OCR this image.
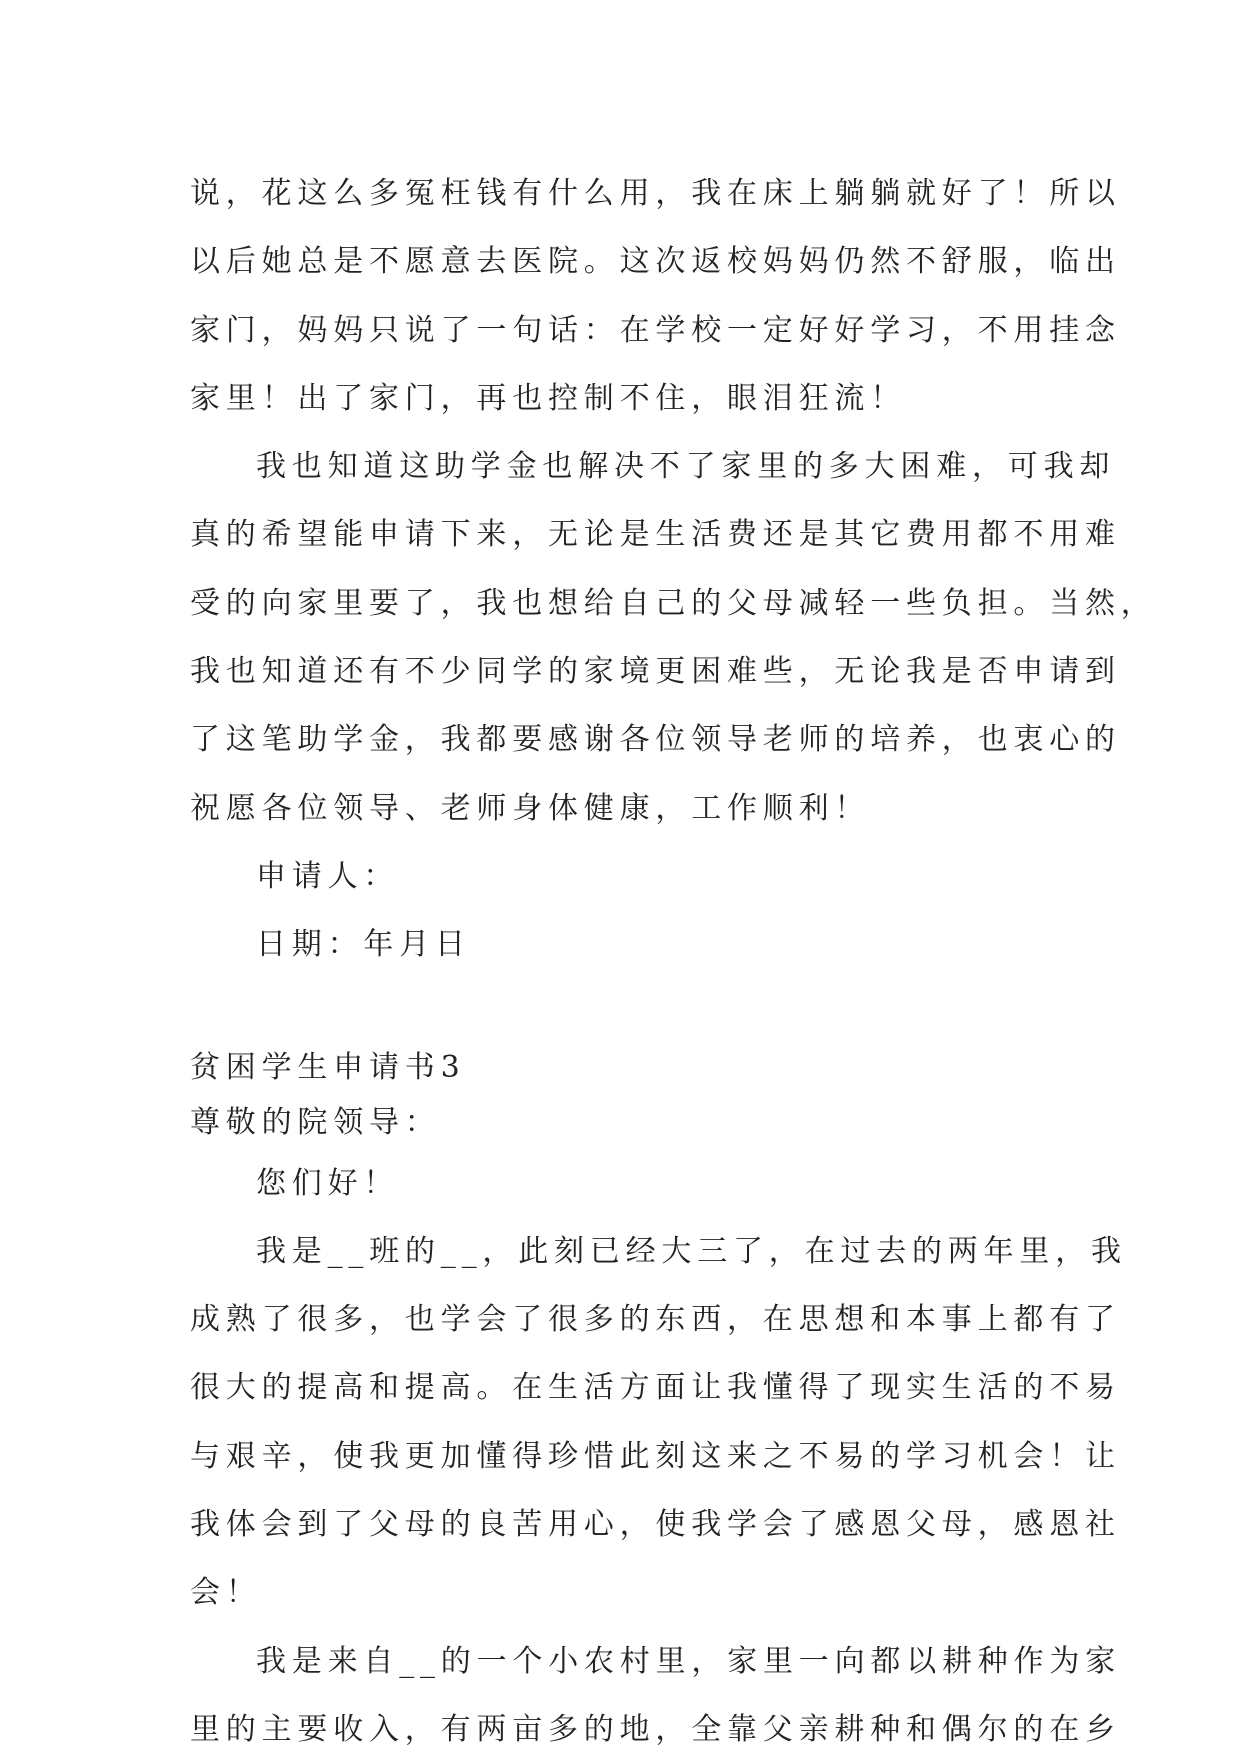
说，花这么多冤枉钱有什么用，我在床上躺躺就好了！所以
以后她总是不愿意去医院。这次返校妈妈仍然不舒服，临出
家门，妈妈只说了一句话：在学校一定好好学习，不用挂念
家里！出了家门，再也控制不住，眼泪狂流！
我也知道这助学金也解决不了家里的多大困难，可我却
真的希望能申请下来，无论是生活费还是其它费用都不用难
受的向家里要了，我也想给自己的父母减轻一些负担。当然，
我也知道还有不少同学的家境更困难些，无论我是否申请到
了这笔助学金，我都要感谢各位领导老师的培养，也衷心的
祝愿各位领导、老师身体健康，工作顺利！
申请人：
日期：年月日
贫困学生申请书3
尊敬的院领导：
您们好！
我是__班的__，此刻已经大三了，在过去的两年里，我
成熟了很多，也学会了很多的东西，在思想和本事上都有了
很大的提高和提高。在生活方面让我懂得了现实生活的不易
与艰辛，使我更加懂得珍惜此刻这来之不易的学习机会！让
我体会到了父母的良苦用心，使我学会了感恩父母，感恩社
会！
我是来自__的一个小农村里，家里一向都以耕种作为家
里的主要收入，有两亩多的地，全靠父亲耕种和偶尔的在乡
